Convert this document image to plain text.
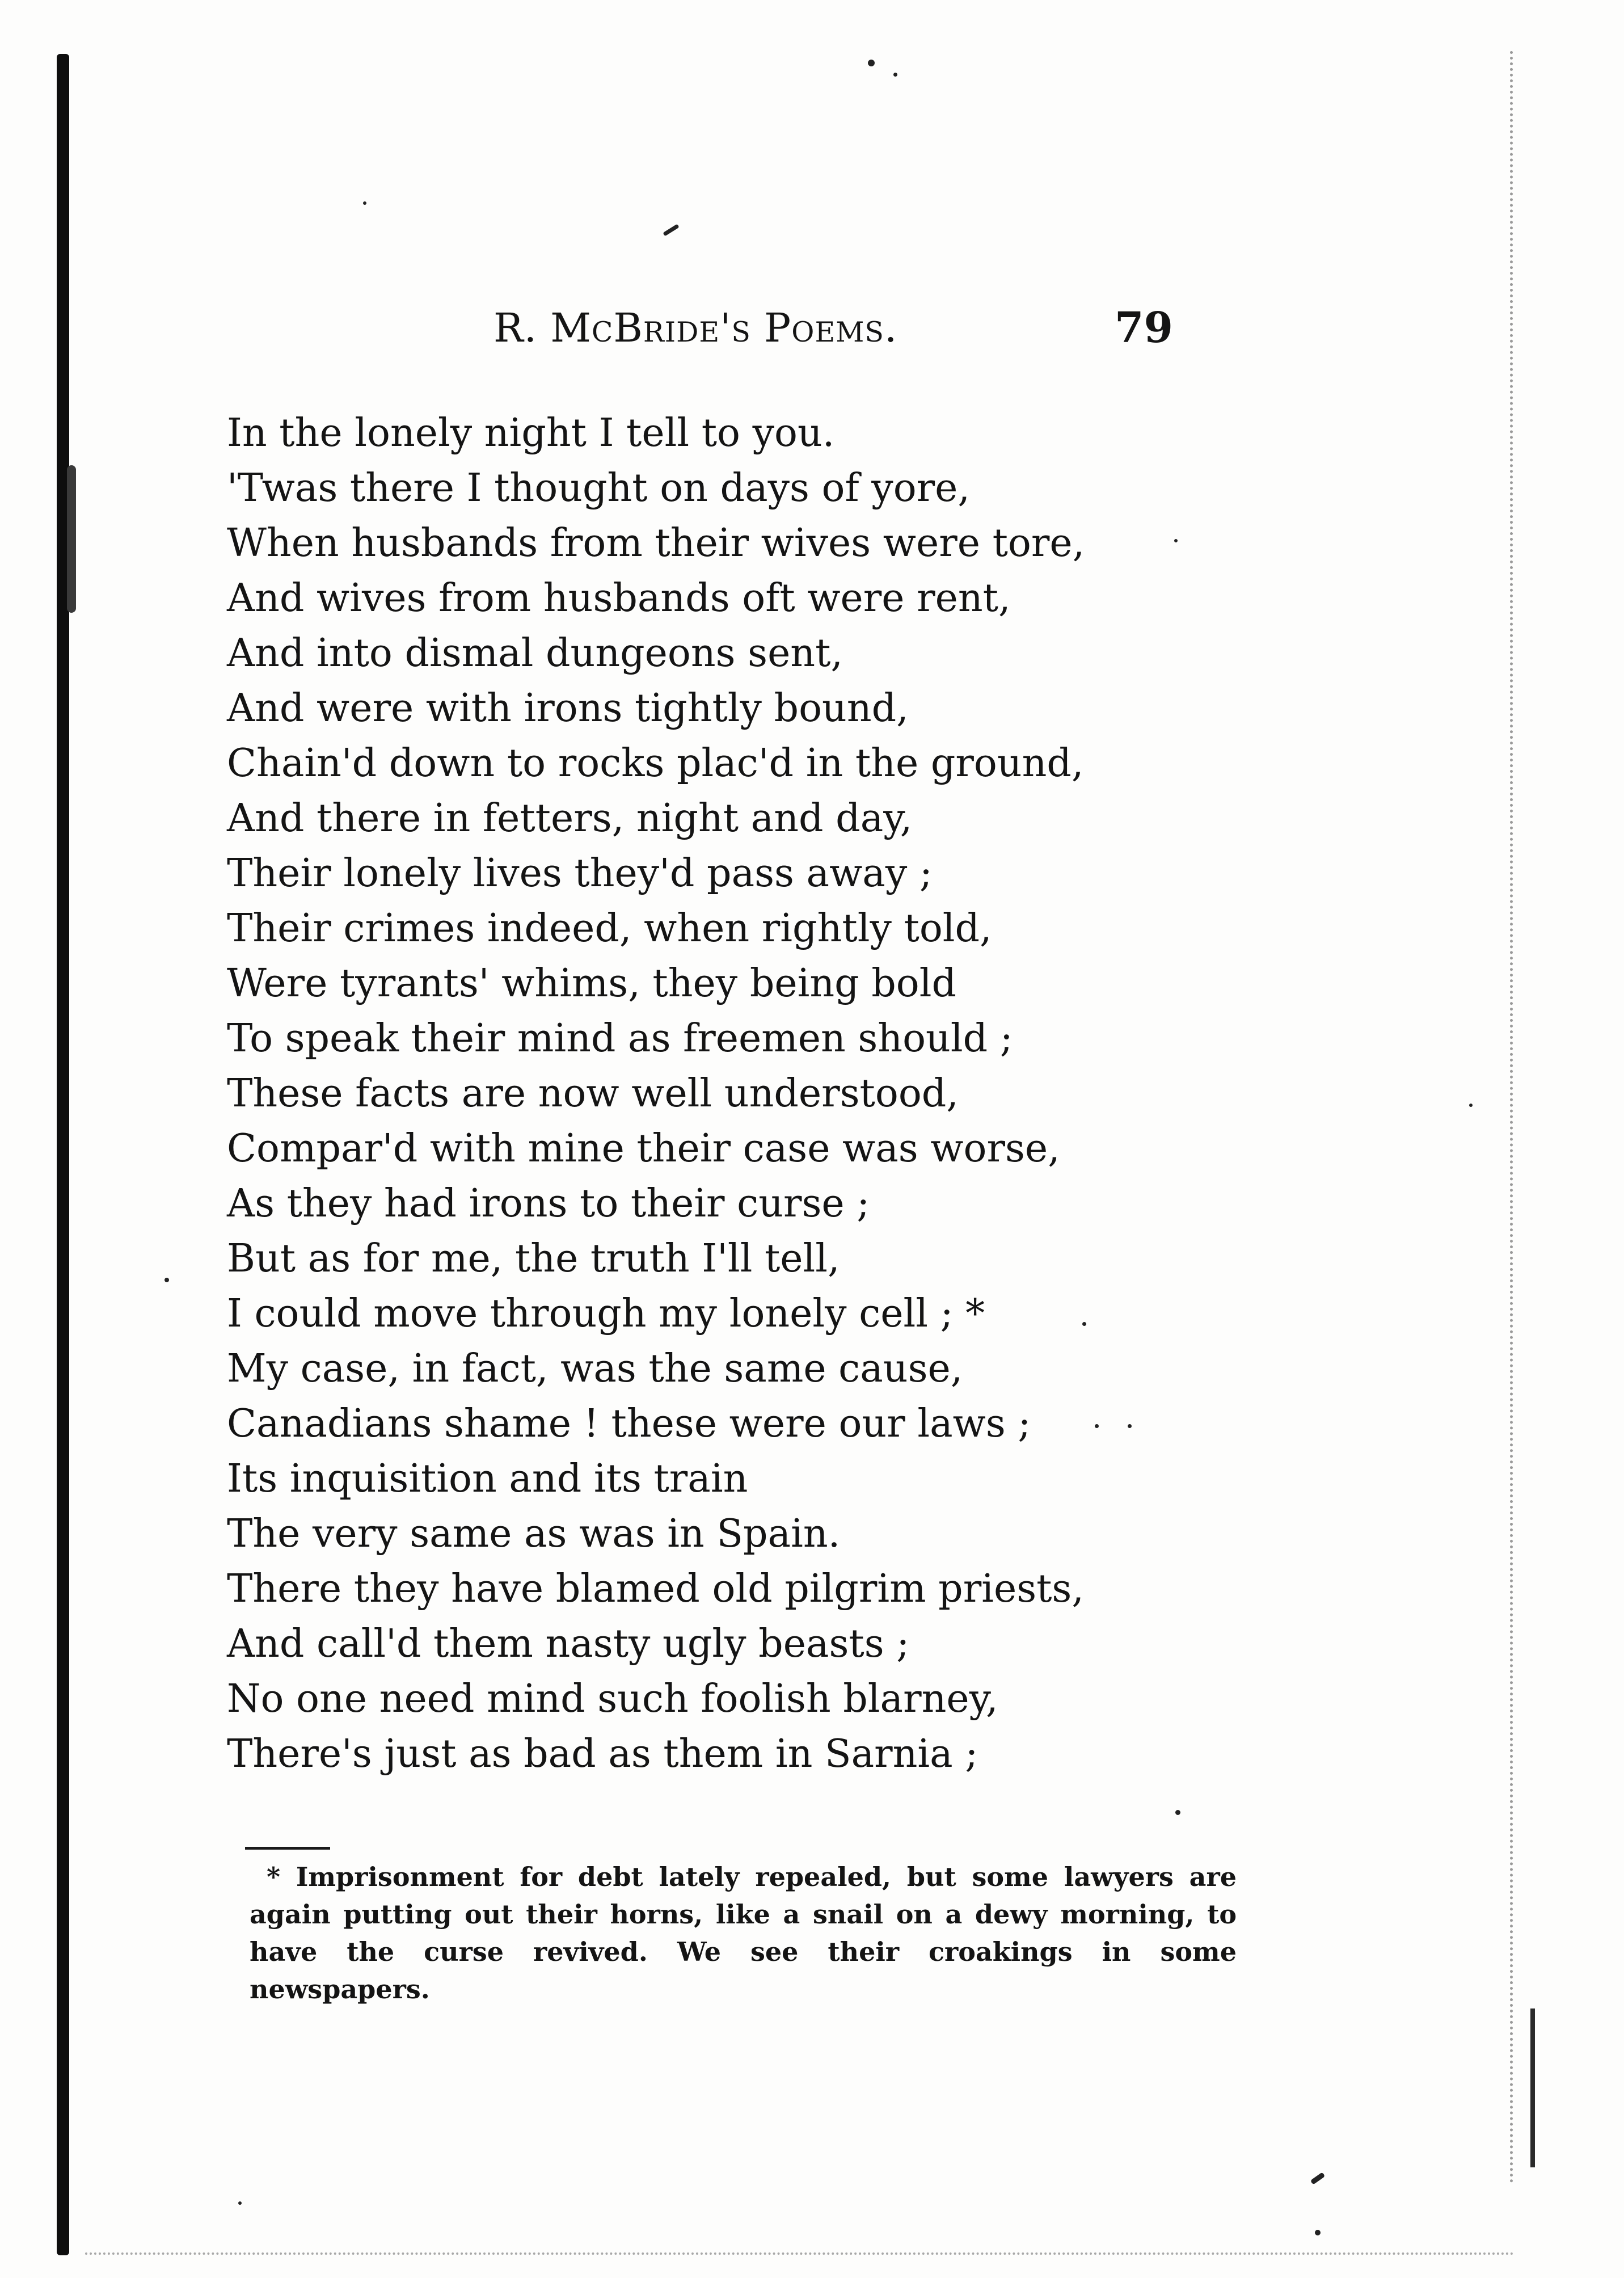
R. McBride's Poems.	79
In the lonely night I tell to you.
'Twas there I thought on days of yore,
When husbands from their wives were tore,
And wives from husbands oft were rent,
And into dismal dungeons sent,
And were with irons tightly bound,
Chain'd down to rocks plac'd in the ground,
And there in fetters, night and day,
Their lonely lives they'd pass away ;
Their crimes indeed, when rightly told,
Were tyrants' whims, they being bold
To speak their mind as freemen should ;
These facts are now well understood,
Compar'd with mine their case was worse,
As they had irons to their curse ;
But as for me, the truth I'll tell,
I could move through my lonely cell ; *
My case, in fact, was the same cause,
Canadians shame ! these were our laws ;
Its inquisition and its train
The very same as was in Spain.
There they have blamed old pilgrim priests,
And call'd them nasty ugly beasts ;
No one need mind such foolish blarney,
There's just as bad as them in Sarnia ;

* Imprisonment for debt lately repealed, but some lawyers are again putting out their horns, like a snail on a dewy morning, to have the curse revived. We see their croakings in some newspapers.
